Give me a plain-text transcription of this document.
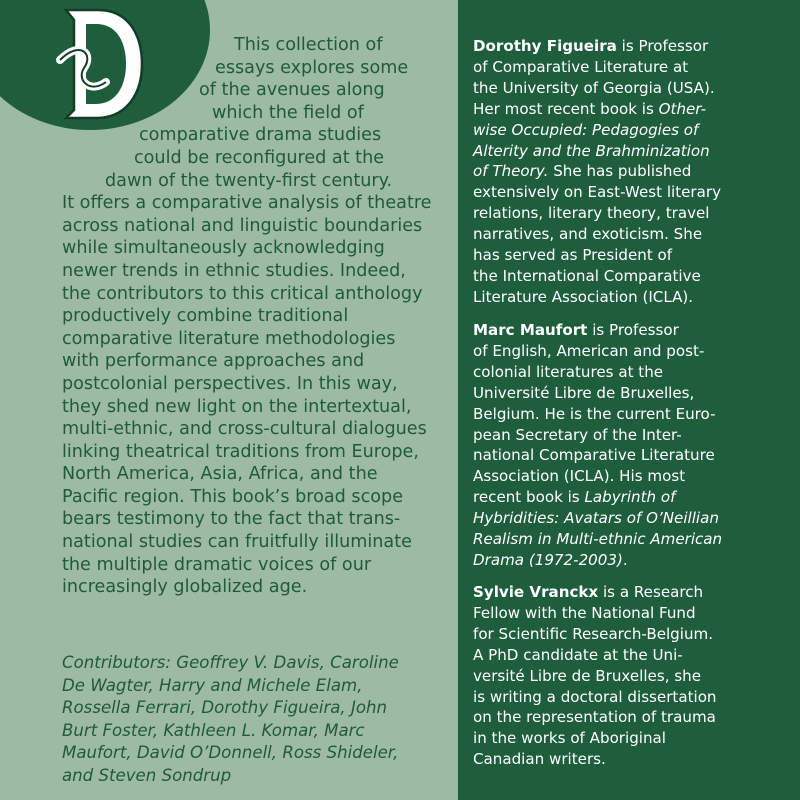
This collection of
essays explores some
of the avenues along
which the field of
comparative drama studies
could be reconfigured at the
dawn of the twenty-first century.
It offers a comparative analysis of theatre
across national and linguistic boundaries
while simultaneously acknowledging
newer trends in ethnic studies. Indeed,
the contributors to this critical anthology
productively combine traditional
comparative literature methodologies
with performance approaches and
postcolonial perspectives. In this way,
they shed new light on the intertextual,
multi-ethnic, and cross-cultural dialogues
linking theatrical traditions from Europe,
North America, Asia, Africa, and the
Pacific region. This book’s broad scope
bears testimony to the fact that trans-
national studies can fruitfully illuminate
the multiple dramatic voices of our
increasingly globalized age.
Contributors: Geoffrey V. Davis, Caroline
De Wagter, Harry and Michele Elam,
Rossella Ferrari, Dorothy Figueira, John
Burt Foster, Kathleen L. Komar, Marc
Maufort, David O’Donnell, Ross Shideler,
and Steven Sondrup
Dorothy Figueira is Professor
of Comparative Literature at
the University of Georgia (USA).
Her most recent book is Other-
wise Occupied: Pedagogies of
Alterity and the Brahminization
of Theory. She has published
extensively on East-West literary
relations, literary theory, travel
narratives, and exoticism. She
has served as President of
the International Comparative
Literature Association (ICLA).
Marc Maufort is Professor
of English, American and post-
colonial literatures at the
Université Libre de Bruxelles,
Belgium. He is the current Euro-
pean Secretary of the Inter-
national Comparative Literature
Association (ICLA). His most
recent book is Labyrinth of
Hybridities: Avatars of O’Neillian
Realism in Multi-ethnic American
Drama (1972-2003).
Sylvie Vranckx is a Research
Fellow with the National Fund
for Scientific Research-Belgium.
A PhD candidate at the Uni-
versité Libre de Bruxelles, she
is writing a doctoral dissertation
on the representation of trauma
in the works of Aboriginal
Canadian writers.
